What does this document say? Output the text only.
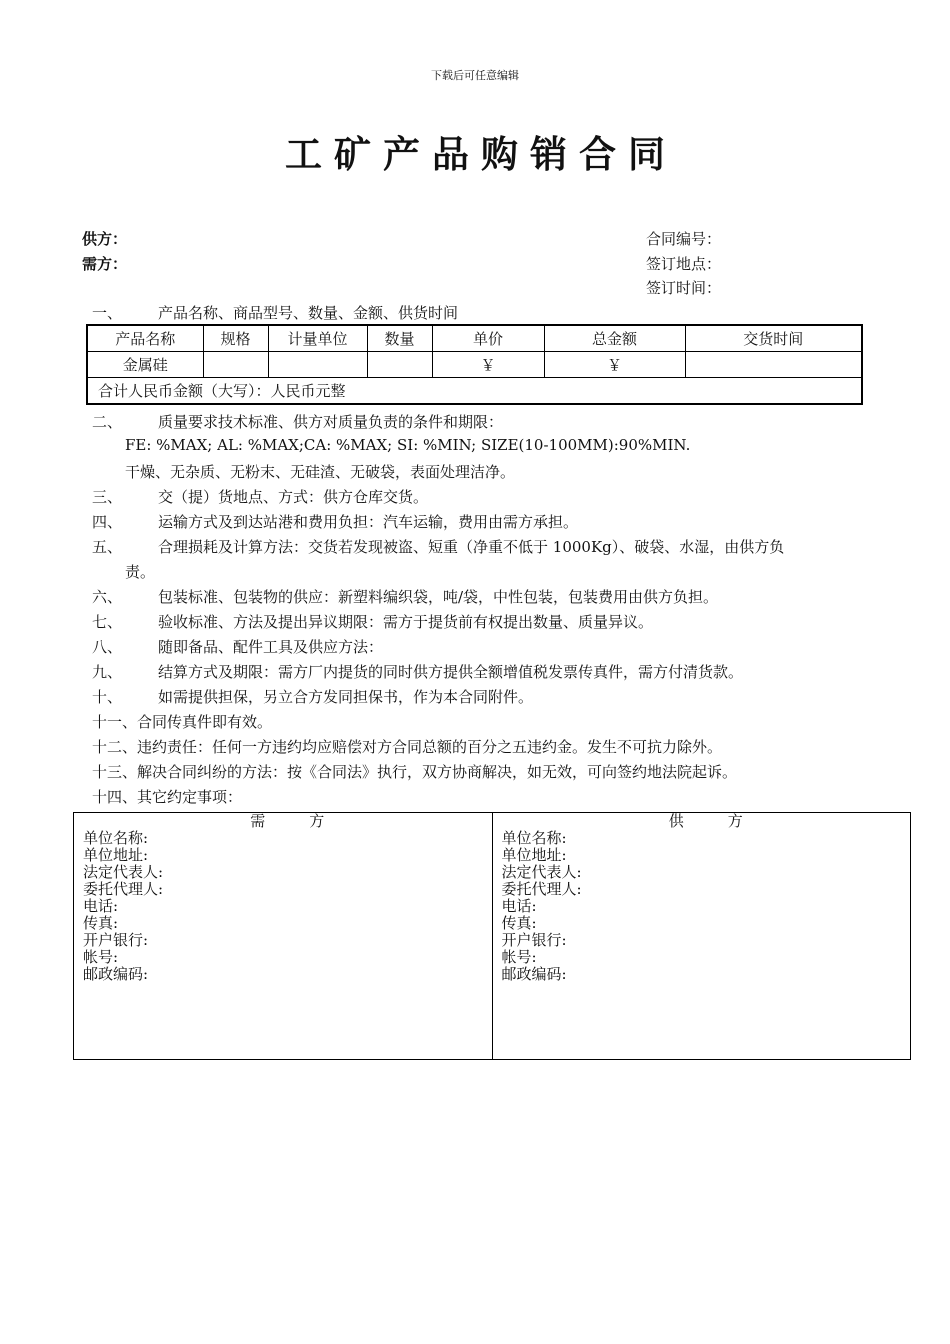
下载后可任意编辑
工矿产品购销合同
供方：
需方：
合同编号：
签订地点：
签订时间：
一、 产品名称、商品型号、数量、金额、供货时间
产品名称	规格	计量单位	数量	单价	总金额	交货时间
金属硅				￥	￥	
合计人民币金额（大写）：人民币元整						
二、 质量要求技术标准、供方对质量负责的条件和期限：
FE: %MAX; AL: %MAX;CA: %MAX; SI: %MIN; SIZE(10-100MM):90%MIN.
干燥、无杂质、无粉末、无硅渣、无破袋，表面处理洁净。
三、 交（提）货地点、方式：供方仓库交货。
四、 运输方式及到达站港和费用负担：汽车运输，费用由需方承担。
五、 合理损耗及计算方法：交货若发现被盗、短重（净重不低于 1000Kg）、破袋、水湿，由供方负
责。
六、 包装标准、包装物的供应：新塑料编织袋，吨/袋，中性包装，包装费用由供方负担。
七、 验收标准、方法及提出异议期限：需方于提货前有权提出数量、质量异议。
八、 随即备品、配件工具及供应方法：
九、 结算方式及期限：需方厂内提货的同时供方提供全额增值税发票传真件，需方付清货款。
十、 如需提供担保，另立合方发同担保书，作为本合同附件。
十一、合同传真件即有效。
十二、违约责任：任何一方违约均应赔偿对方合同总额的百分之五违约金。发生不可抗力除外。
十三、解决合同纠纷的方法：按《合同法》执行，双方协商解决，如无效，可向签约地法院起诉。
十四、其它约定事项：
需	方
单位名称:
单位地址:
法定代表人:
委托代理人:
电话:
传真:
开户银行:
帐号:
邮政编码:

供	方
单位名称:
单位地址:
法定代表人:
委托代理人:
电话:
传真:
开户银行:
帐号:
邮政编码:
